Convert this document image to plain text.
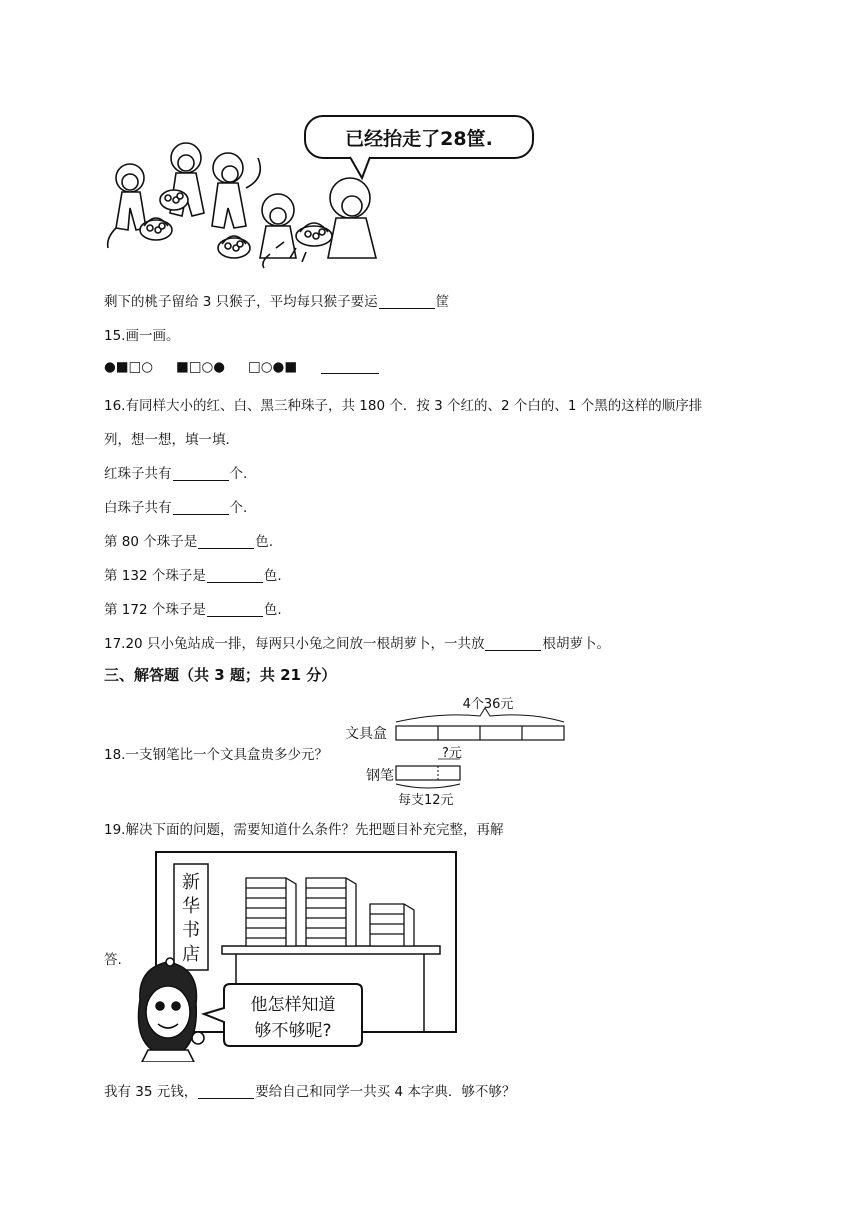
已经抬走了28筐.
剩下的桃子留给 3 只猴子，平均每只猴子要运	筐
15.画一画。
●■□○ ■□○● □○●■
16.有同样大小的红、白、黑三种珠子，共 180 个．按 3 个红的、2 个白的、1 个黑的这样的顺序排
列，想一想，填一填．
红珠子共有	个.
白珠子共有	个.
第 80 个珠子是	色.
第 132 个珠子是	色.
第 172 个珠子是	色.
17.20 只小兔站成一排，每两只小兔之间放一根胡萝卜，一共放	根胡萝卜。
三、解答题（共 3 题；共 21 分）
18.一支钢笔比一个文具盒贵多少元？
4个36元
文具盒
?元
钢笔
每支12元
19.解决下面的问题，需要知道什么条件？先把题目补充完整，再解
答.
新
华
书
店
他怎样知道
够不够呢?
我有 35 元钱，	要给自己和同学一共买 4 本字典．够不够？
